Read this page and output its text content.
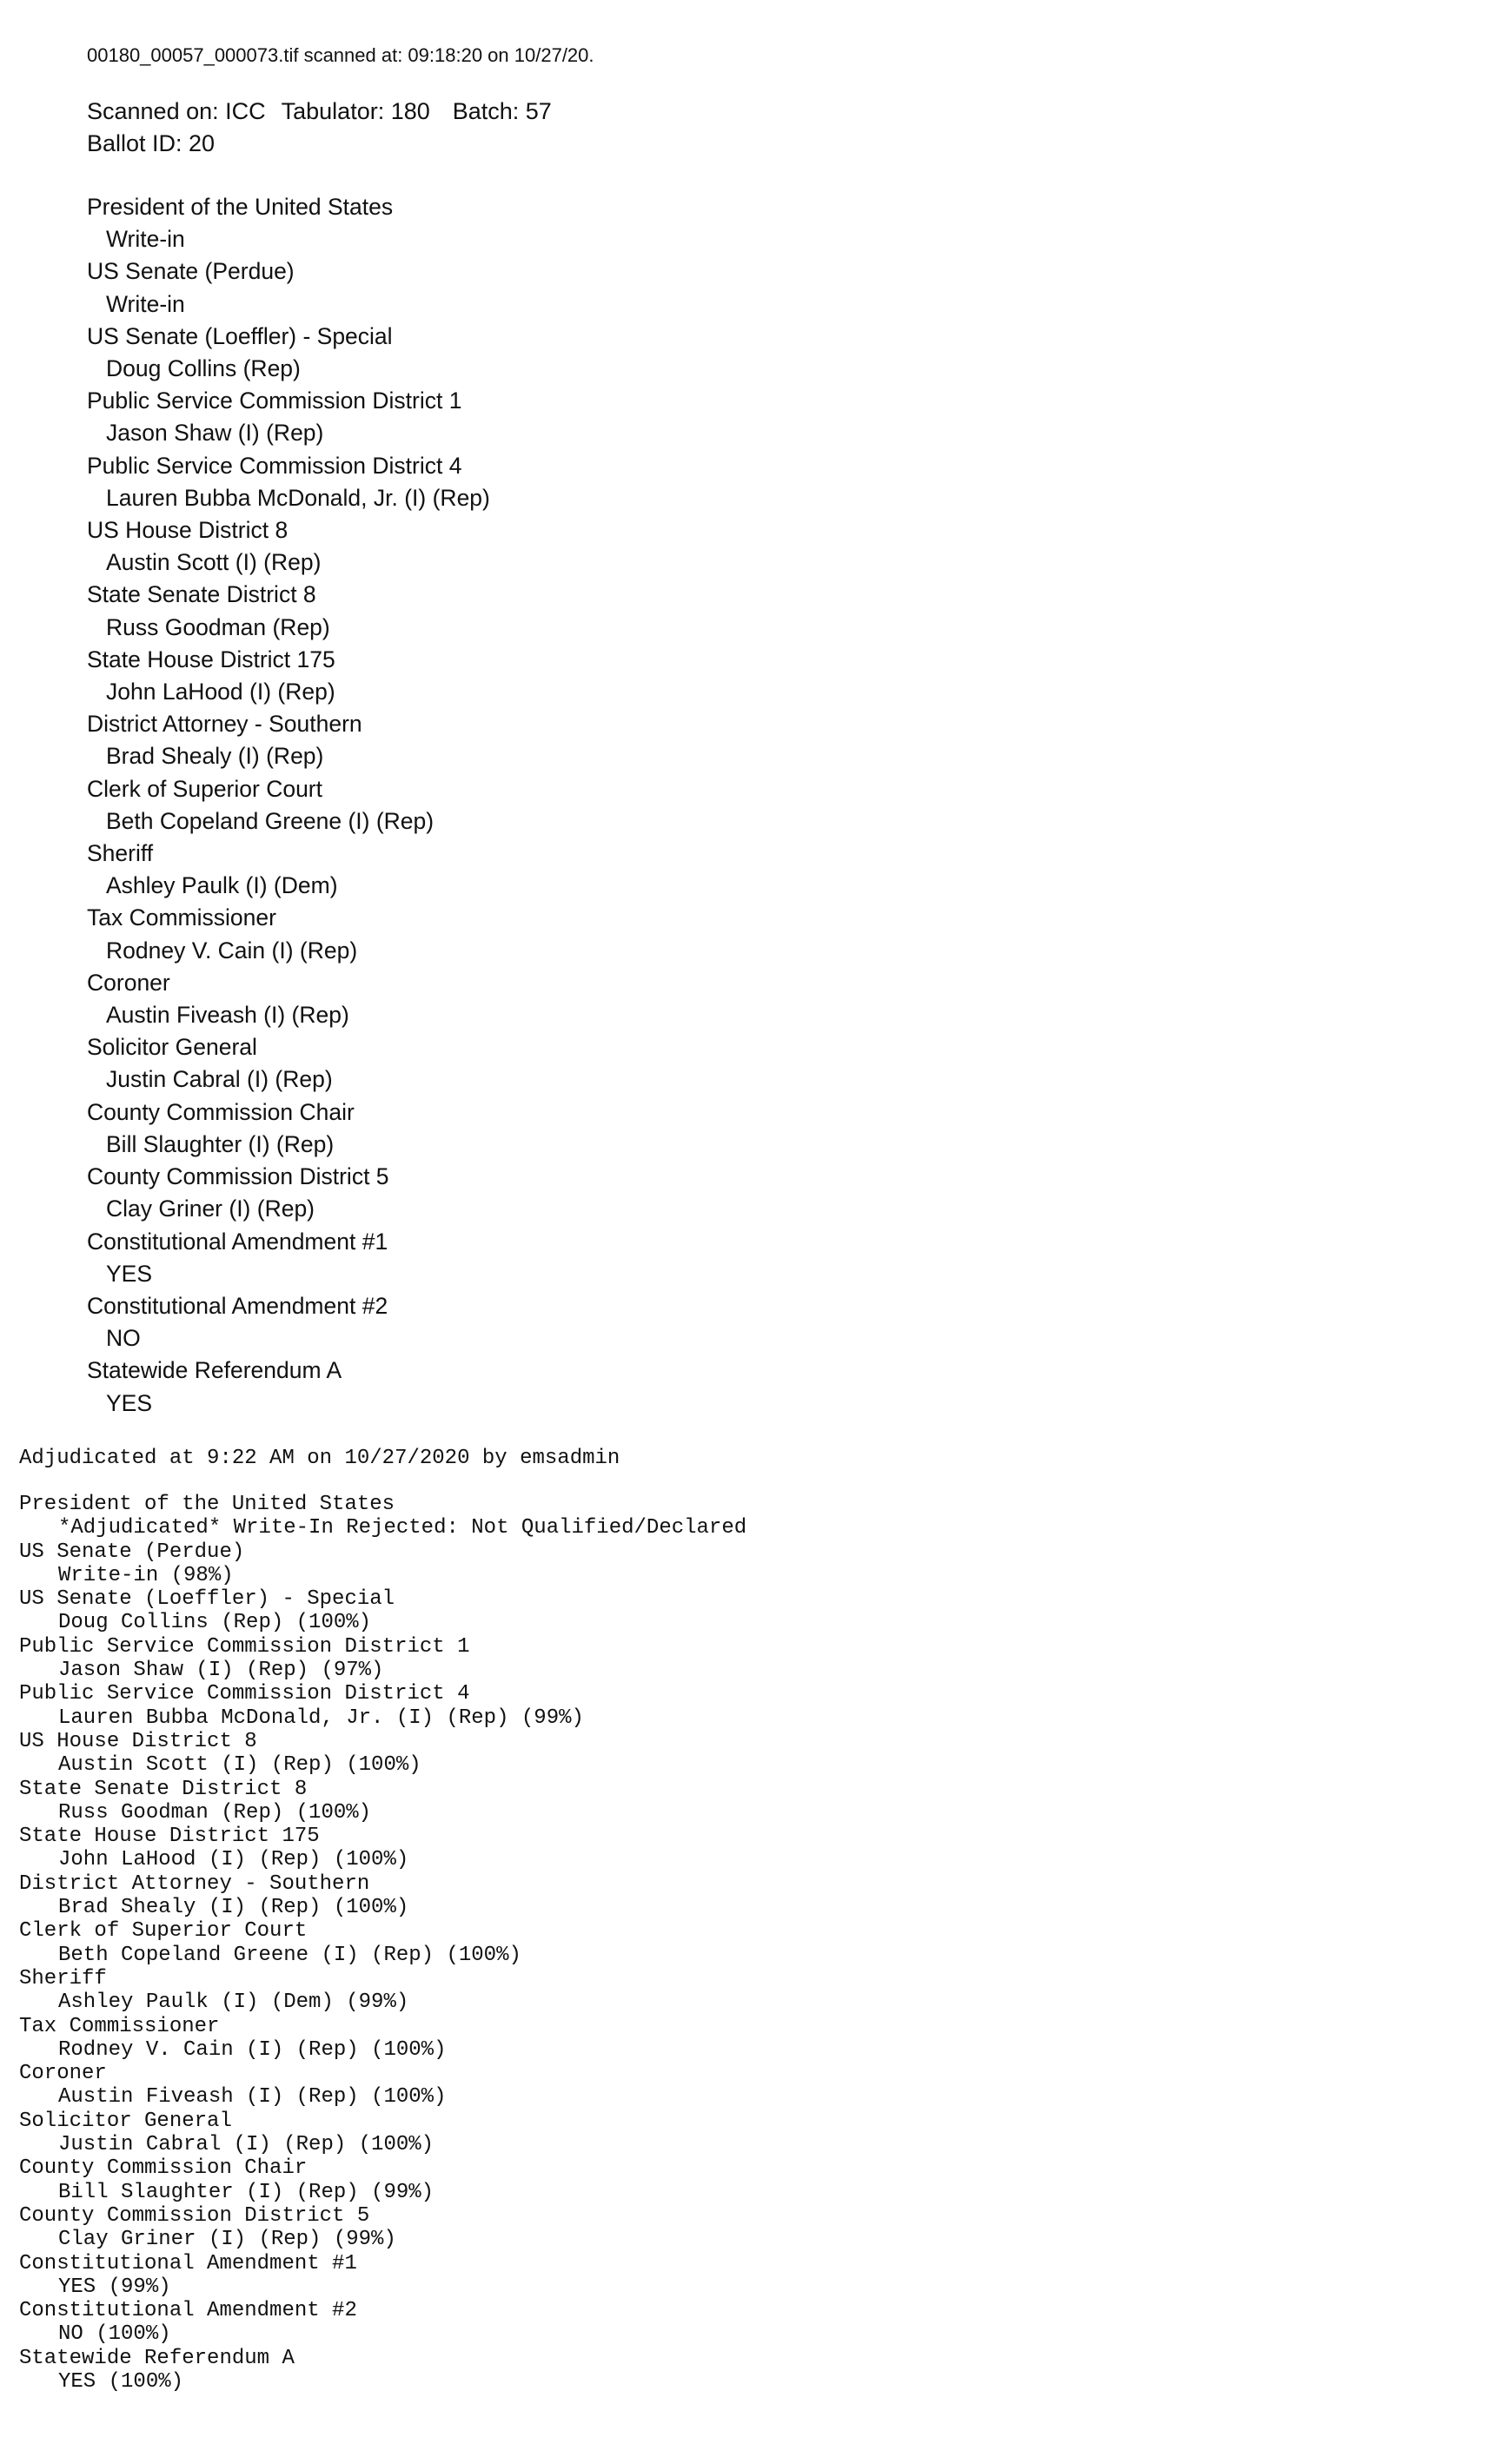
00180_00057_000073.tif scanned at: 09:18:20 on 10/27/20.
Scanned on: ICC Tabulator: 180 Batch: 57
Ballot ID: 20
President of the United States
Write-in
US Senate (Perdue)
Write-in
US Senate (Loeffler) - Special
Doug Collins (Rep)
Public Service Commission District 1
Jason Shaw (I) (Rep)
Public Service Commission District 4
Lauren Bubba McDonald, Jr. (I) (Rep)
US House District 8
Austin Scott (I) (Rep)
State Senate District 8
Russ Goodman (Rep)
State House District 175
John LaHood (I) (Rep)
District Attorney - Southern
Brad Shealy (I) (Rep)
Clerk of Superior Court
Beth Copeland Greene (I) (Rep)
Sheriff
Ashley Paulk (I) (Dem)
Tax Commissioner
Rodney V. Cain (I) (Rep)
Coroner
Austin Fiveash (I) (Rep)
Solicitor General
Justin Cabral (I) (Rep)
County Commission Chair
Bill Slaughter (I) (Rep)
County Commission District 5
Clay Griner (I) (Rep)
Constitutional Amendment #1
YES
Constitutional Amendment #2
NO
Statewide Referendum A
YES
Adjudicated at 9:22 AM on 10/27/2020 by emsadmin
President of the United States
*Adjudicated* Write-In Rejected: Not Qualified/Declared
US Senate (Perdue)
Write-in (98%)
US Senate (Loeffler) - Special
Doug Collins (Rep) (100%)
Public Service Commission District 1
Jason Shaw (I) (Rep) (97%)
Public Service Commission District 4
Lauren Bubba McDonald, Jr. (I) (Rep) (99%)
US House District 8
Austin Scott (I) (Rep) (100%)
State Senate District 8
Russ Goodman (Rep) (100%)
State House District 175
John LaHood (I) (Rep) (100%)
District Attorney - Southern
Brad Shealy (I) (Rep) (100%)
Clerk of Superior Court
Beth Copeland Greene (I) (Rep) (100%)
Sheriff
Ashley Paulk (I) (Dem) (99%)
Tax Commissioner
Rodney V. Cain (I) (Rep) (100%)
Coroner
Austin Fiveash (I) (Rep) (100%)
Solicitor General
Justin Cabral (I) (Rep) (100%)
County Commission Chair
Bill Slaughter (I) (Rep) (99%)
County Commission District 5
Clay Griner (I) (Rep) (99%)
Constitutional Amendment #1
YES (99%)
Constitutional Amendment #2
NO (100%)
Statewide Referendum A
YES (100%)
